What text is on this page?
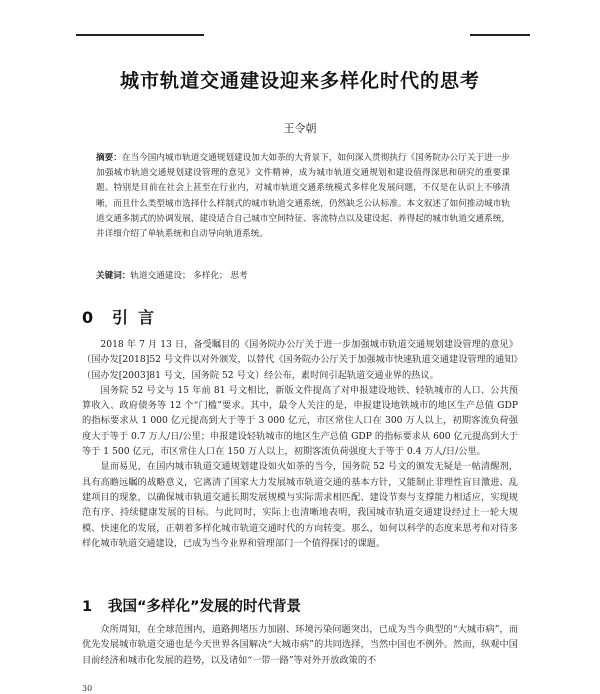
城市轨道交通建设迎来多样化时代的思考
王令朝
摘要：在当今国内城市轨道交通规划建设加大如荼的大背景下，如何深入贯彻执行《国务院办公厅关于进一步加强城市轨道交通规划建设管理的意见》文件精神，成为城市轨道交通规划和建设值得深思和研究的重要课题。特别是目前在社会上甚至在行业内，对城市轨道交通系统模式多样化发展问题，不仅是在认识上不够清晰，而且什么类型城市选择什么样制式的城市轨道交通系统，仍然缺乏公认标准。本文叙述了如何推动城市轨道交通多制式的协调发展，建设适合自己城市空间特征、客流特点以及建设起、养得起的城市轨道交通系统，并详细介绍了单轨系统和自动导向轨道系统。
关键词：轨道交通建设； 多样化； 思考
0 引言

2018 年 7 月 13 日，备受瞩目的《国务院办公厅关于进一步加强城市轨道交通规划建设管理的意见》（国办发[2018]52 号文件以对外颁发，以替代《国务院办公厅关于加强城市快速轨道交通建设管理的通知》（国办发[2003]81 号文，国务院 52 号文）经公布，素时间引起轨道交通业界的热议。

国务院 52 号文与 15 年前 81 号文相比，新版文件提高了对申报建设地铁、轻轨城市的人口、公共预算收入、政府债务等 12 个“门槛”要求。其中，最令人关注的是，申报建设地铁城市的地区生产总值 GDP 的指标要求从 1 000 亿元提高到大于等于 3 000 亿元，市区常住人口在 300 万人以上，初期客流负荷强度大于等于 0.7 万人/日/公里；申报建设轻轨城市的地区生产总值 GDP 的指标要求从 600 亿元提高到大于等于 1 500 亿元，市区常住人口在 150 万人以上，初期客流负荷强度大于等于 0.4 万人/日/公里。

显而易见，在国内城市轨道交通规划建设如火如荼的当今，国务院 52 号文的颁发无疑是一帖清醒剂，具有高瞻远瞩的战略意义，它离清了国家大力发展城市轨道交通的基本方针，又能制止非理性盲目激进、乱建项目的现象，以确保城市轨道交通长期发展规模与实际需求相匹配、建设节奏与支撑能力相适应，实现规范有序、持续健康发展的目标。与此同时，实际上也清晰地表明，我国城市轨道交通建设经过上一轮大规模、快速化的发展，正朝着多样化城市轨道交通时代的方向转变。那么，如何以科学的态度来思考和对待多样化城市轨道交通建设，已成为当今业界和管理部门一个值得探讨的课题。

1 我国“多样化”发展的时代背景

众所周知，在全球范围内，道路拥堵压力加剧、环境污染问题突出，已成为当今典型的“大城市病”，而优先发展城市轨道交通也是今天世界各国解决“大城市病”的共同选择，当然中国也不例外。然而，纵观中国目前经济和城市化发展的趋势，以及诸如“一带一路”等对外开放政策的不

30
